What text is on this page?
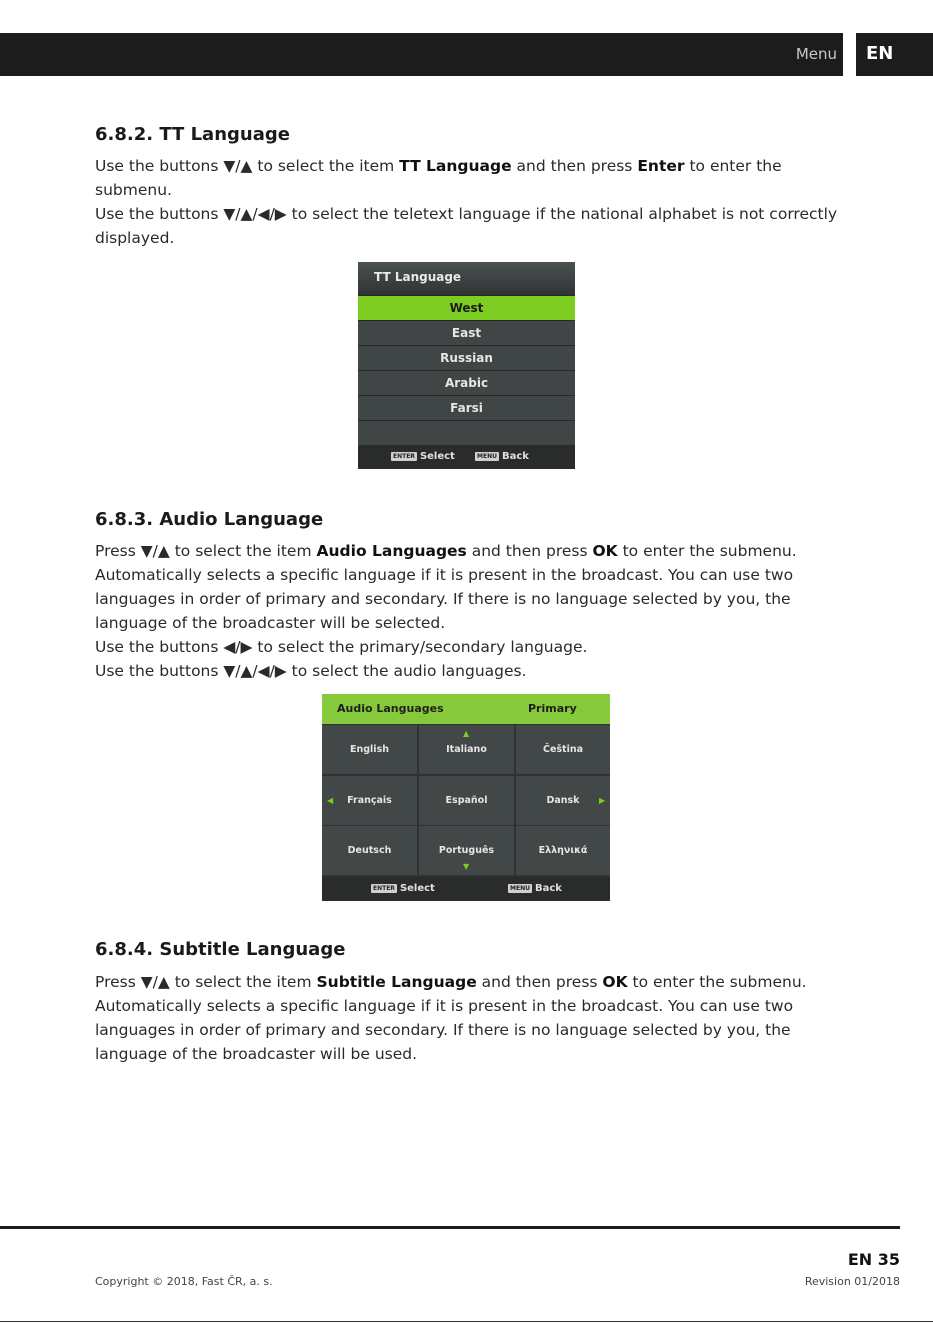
Menu EN
6.8.2. TT Language

Use the buttons ▼/▲ to select the item TT Language and then press Enter to enter the submenu.

Use the buttons ▼/▲/◀/▶ to select the teletext language if the national alphabet is not correctly displayed.

TT Language
West
East
Russian
Arabic
Farsi
ENTER Select	MENU Back
6.8.3. Audio Language

Press ▼/▲ to select the item Audio Languages and then press OK to enter the submenu.

Automatically selects a specific language if it is present in the broadcast. You can use two languages in order of primary and secondary. If there is no language selected by you, the language of the broadcaster will be selected.

Use the buttons ◀/▶ to select the primary/secondary language.

Use the buttons ▼/▲/◀/▶ to select the audio languages.

Audio Languages	Primary
English	Italiano	Čeština
Français	Español	Dansk
Deutsch	Português	Ελληνικά
▲
▼
◀	▶
ENTER Select	MENU Back
6.8.4. Subtitle Language

Press ▼/▲ to select the item Subtitle Language and then press OK to enter the submenu.

Automatically selects a specific language if it is present in the broadcast. You can use two languages in order of primary and secondary. If there is no language selected by you, the language of the broadcaster will be used.

EN 35
Copyright © 2018, Fast ČR, a. s.	Revision 01/2018
